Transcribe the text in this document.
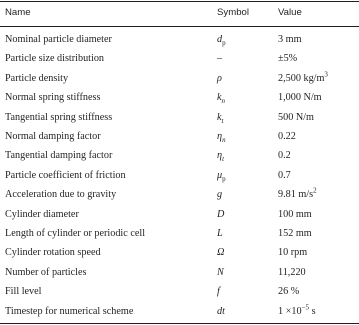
Name	Symbol	Value
Nominal particle diameter	$d_p$	3 mm
Particle size distribution	–	±5%
Particle density	ρ	2,500 $kg/m^3$
Normal spring stiffness	$k_n$	1,000 N/m
Tangential spring stiffness	$k_t$	500 N/m
Normal damping factor	$\eta_n$	0.22
Tangential damping factor	$\eta_t$	0.2
Particle coefficient of friction	$\mu_p$	0.7
Acceleration due to gravity	g	9.81 $m/s^2$
Cylinder diameter	D	100 mm
Length of cylinder or periodic cell	L	152 mm
Cylinder rotation speed	Ω	10 rpm
Number of particles	N	11,220
Fill level	f	26 %
Timestep for numerical scheme	dt	$1 \times 10^{-5}$ s
